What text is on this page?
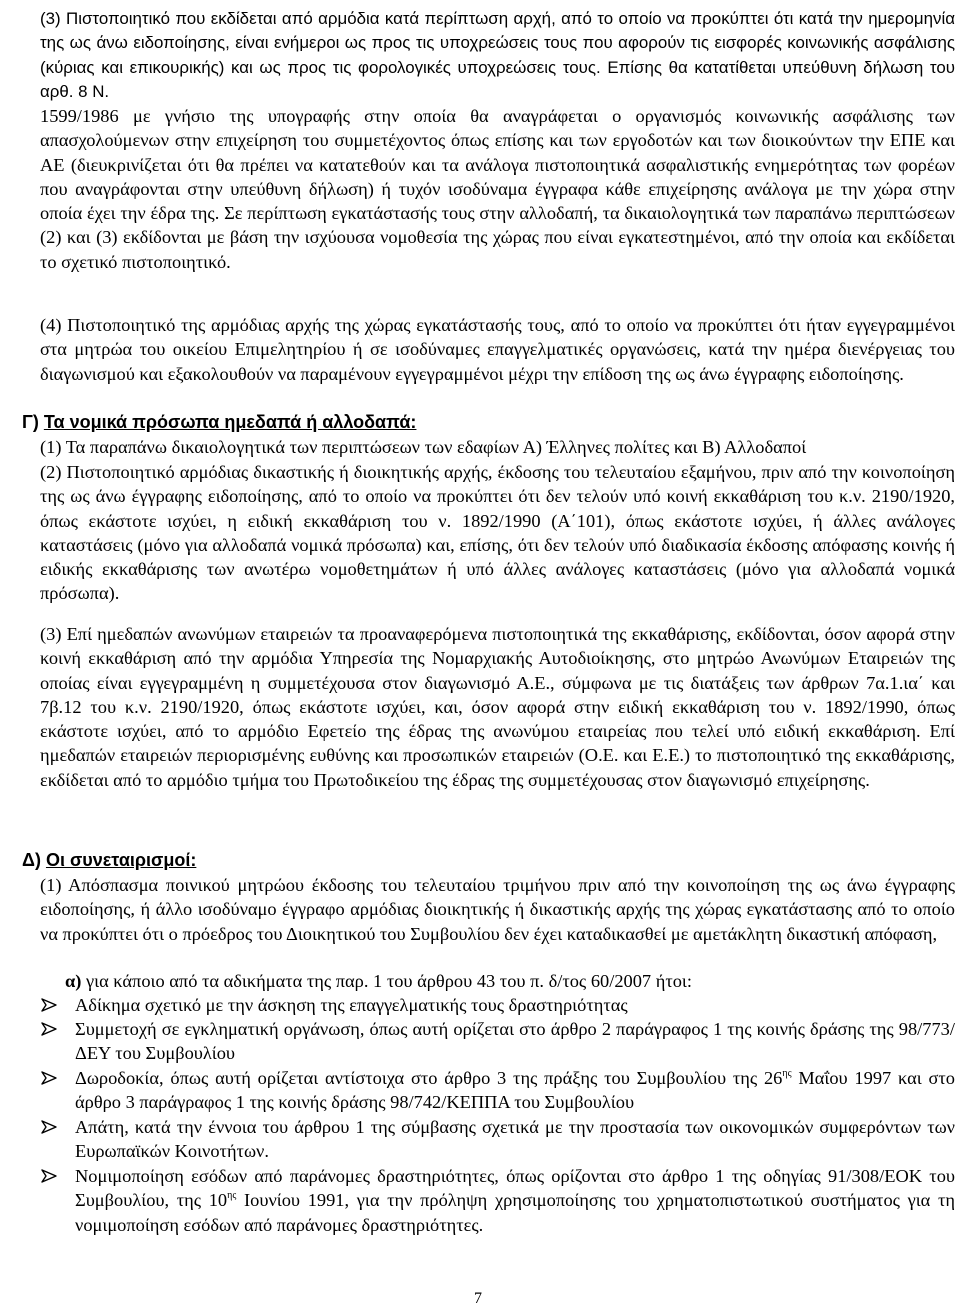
(3) Πιστοποιητικό που εκδίδεται από αρμόδια κατά περίπτωση αρχή, από το οποίο να προκύπτει ότι κατά την ημερομηνία της ως άνω ειδοποίησης, είναι ενήμεροι ως προς τις υποχρεώσεις τους που αφορούν τις εισφορές κοινωνικής ασφάλισης (κύριας και επικουρικής) και ως προς τις φορολογικές υποχρεώσεις τους. Επίσης θα κατατίθεται υπεύθυνη δήλωση του αρθ. 8 Ν.
1599/1986 με γνήσιο της υπογραφής στην οποία θα αναγράφεται ο οργανισμός κοινωνικής ασφάλισης των απασχολούμενων στην επιχείρηση του συμμετέχοντος όπως επίσης και των εργοδοτών και των διοικούντων την ΕΠΕ και ΑΕ (διευκρινίζεται ότι θα πρέπει να κατατεθούν και τα ανάλογα πιστοποιητικά ασφαλιστικής ενημερότητας των φορέων που αναγράφονται στην υπεύθυνη δήλωση) ή τυχόν ισοδύναμα έγγραφα κάθε επιχείρησης ανάλογα με την χώρα στην οποία έχει την έδρα της. Σε περίπτωση εγκατάστασής τους στην αλλοδαπή, τα δικαιολογητικά των παραπάνω περιπτώσεων (2) και (3) εκδίδονται με βάση την ισχύουσα νομοθεσία της χώρας που είναι εγκατεστημένοι, από την οποία και εκδίδεται το σχετικό πιστοποιητικό.
(4) Πιστοποιητικό της αρμόδιας αρχής της χώρας εγκατάστασής τους, από το οποίο να προκύπτει ότι ήταν εγγεγραμμένοι στα μητρώα του οικείου Επιμελητηρίου ή σε ισοδύναμες επαγγελματικές οργανώσεις, κατά την ημέρα διενέργειας του διαγωνισμού και εξακολουθούν να παραμένουν εγγεγραμμένοι μέχρι την επίδοση της ως άνω έγγραφης ειδοποίησης.
Γ) Τα νομικά πρόσωπα ημεδαπά ή αλλοδαπά:
(1) Τα παραπάνω δικαιολογητικά των περιπτώσεων των εδαφίων Α) Έλληνες πολίτες και Β) Αλλοδαποί
(2) Πιστοποιητικό αρμόδιας δικαστικής ή διοικητικής αρχής, έκδοσης του τελευταίου εξαμήνου, πριν από την κοινοποίηση της ως άνω έγγραφης ειδοποίησης, από το οποίο να προκύπτει ότι δεν τελούν υπό κοινή εκκαθάριση του κ.ν. 2190/1920, όπως εκάστοτε ισχύει, η ειδική εκκαθάριση του ν. 1892/1990 (Α΄101), όπως εκάστοτε ισχύει, ή άλλες ανάλογες καταστάσεις (μόνο για αλλοδαπά νομικά πρόσωπα) και, επίσης, ότι δεν τελούν υπό διαδικασία έκδοσης απόφασης κοινής ή ειδικής εκκαθάρισης των ανωτέρω νομοθετημάτων ή υπό άλλες ανάλογες καταστάσεις (μόνο για αλλοδαπά νομικά πρόσωπα).
(3) Επί ημεδαπών ανωνύμων εταιρειών τα προαναφερόμενα πιστοποιητικά της εκκαθάρισης, εκδίδονται, όσον αφορά στην κοινή εκκαθάριση από την αρμόδια Υπηρεσία της Νομαρχιακής Αυτοδιοίκησης, στο μητρώο Ανωνύμων Εταιρειών της οποίας είναι εγγεγραμμένη η συμμετέχουσα στον διαγωνισμό Α.Ε., σύμφωνα με τις διατάξεις των άρθρων 7α.1.ια΄ και 7β.12 του κ.ν. 2190/1920, όπως εκάστοτε ισχύει, και, όσον αφορά στην ειδική εκκαθάριση του ν. 1892/1990, όπως εκάστοτε ισχύει, από το αρμόδιο Εφετείο της έδρας της ανωνύμου εταιρείας που τελεί υπό ειδική εκκαθάριση. Επί ημεδαπών εταιρειών περιορισμένης ευθύνης και προσωπικών εταιρειών (Ο.Ε. και Ε.Ε.) το πιστοποιητικό της εκκαθάρισης, εκδίδεται από το αρμόδιο τμήμα του Πρωτοδικείου της έδρας της συμμετέχουσας στον διαγωνισμό επιχείρησης.
Δ) Οι συνεταιρισμοί:
(1) Απόσπασμα ποινικού μητρώου έκδοσης του τελευταίου τριμήνου πριν από την κοινοποίηση της ως άνω έγγραφης ειδοποίησης, ή άλλο ισοδύναμο έγγραφο αρμόδιας διοικητικής ή δικαστικής αρχής της χώρας εγκατάστασης από το οποίο να προκύπτει ότι ο πρόεδρος του Διοικητικού του Συμβουλίου δεν έχει καταδικασθεί με αμετάκλητη δικαστική απόφαση,
α) για κάποιο από τα αδικήματα της παρ. 1 του άρθρου 43 του π. δ/τος 60/2007 ήτοι:
Αδίκημα σχετικό με την άσκηση της επαγγελματικής τους δραστηριότητας
Συμμετοχή σε εγκληματική οργάνωση, όπως αυτή ορίζεται στο άρθρο 2 παράγραφος 1 της κοινής δράσης της 98/773/ΔΕΥ του Συμβουλίου
Δωροδοκία, όπως αυτή ορίζεται αντίστοιχα στο άρθρο 3 της πράξης του Συμβουλίου της $26^{\eta\varsigma}$ Μαΐου 1997 και στο άρθρο 3 παράγραφος 1 της κοινής δράσης 98/742/ΚΕΠΠΑ του Συμβουλίου
Απάτη, κατά την έννοια του άρθρου 1 της σύμβασης σχετικά με την προστασία των οικονομικών συμφερόντων των Ευρωπαϊκών Κοινοτήτων.
Νομιμοποίηση εσόδων από παράνομες δραστηριότητες, όπως ορίζονται στο άρθρο 1 της οδηγίας 91/308/ΕΟΚ του Συμβουλίου, της $10^{\eta\varsigma}$ Ιουνίου 1991, για την πρόληψη χρησιμοποίησης του χρηματοπιστωτικού συστήματος για τη νομιμοποίηση εσόδων από παράνομες δραστηριότητες.
7
